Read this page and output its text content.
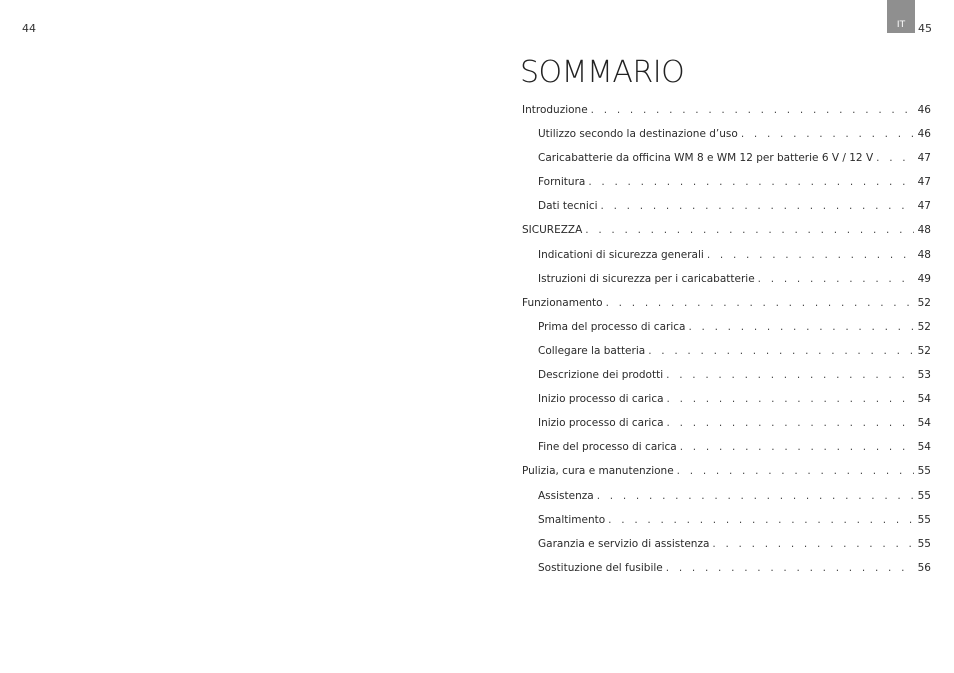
44	IT	45
SOMMARIO
Introduzione . . .	46
Utilizzo secondo la destinazione d’uso . . .	46
Caricabatterie da officina WM 8 e WM 12 per batterie 6 V / 12 V . . .	47
Fornitura . . .	47
Dati tecnici . . .	47
SICUREZZA . . .	48
Indicationi di sicurezza generali . . .	48
Istruzioni di sicurezza per i caricabatterie . . .	49
Funzionamento . . .	52
Prima del processo di carica . . .	52
Collegare la batteria . . .	52
Descrizione dei prodotti . . .	53
Inizio processo di carica . . .	54
Inizio processo di carica . . .	54
Fine del processo di carica . . .	54
Pulizia, cura e manutenzione . . .	55
Assistenza . . .	55
Smaltimento . . .	55
Garanzia e servizio di assistenza . . .	55
Sostituzione del fusibile . . .	56
